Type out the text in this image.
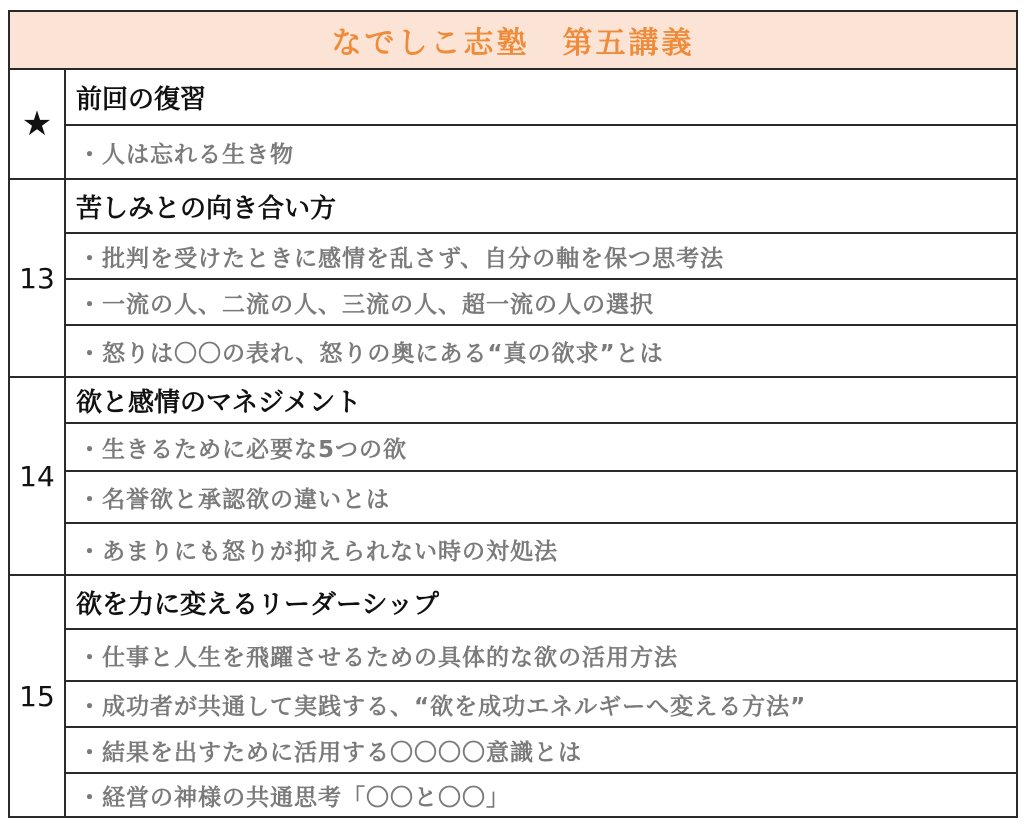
なでしこ志塾　第五講義	
★	前回の復習
	・人は忘れる生き物
13	苦しみとの向き合い方
	・批判を受けたときに感情を乱さず、自分の軸を保つ思考法
	・一流の人、二流の人、三流の人、超一流の人の選択
	・怒りは〇〇の表れ、怒りの奥にある“真の欲求”とは
14	欲と感情のマネジメント
	・生きるために必要な5つの欲
	・名誉欲と承認欲の違いとは
	・あまりにも怒りが抑えられない時の対処法
15	欲を力に変えるリーダーシップ
	・仕事と人生を飛躍させるための具体的な欲の活用方法
	・成功者が共通して実践する、“欲を成功エネルギーへ変える方法”
	・結果を出すために活用する〇〇〇〇意識とは
	・経営の神様の共通思考「〇〇と〇〇」
